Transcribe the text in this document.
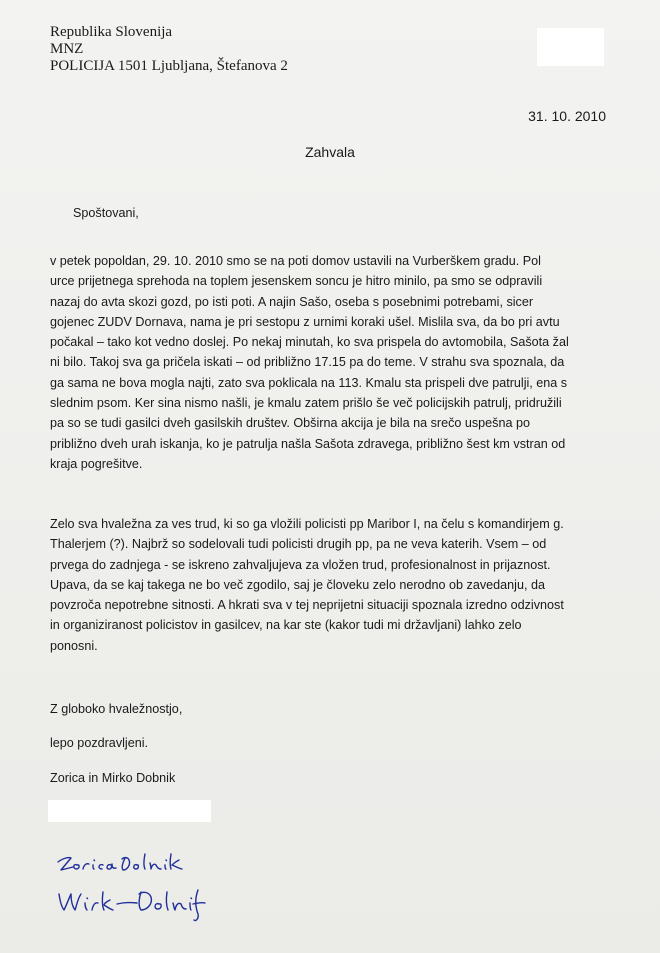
Republika Slovenija
MNZ
POLICIJA 1501 Ljubljana, Štefanova 2
31. 10. 2010
Zahvala
Spoštovani,
v petek popoldan, 29. 10. 2010 smo se na poti domov ustavili na Vurberškem gradu. Pol
urce prijetnega sprehoda na toplem jesenskem soncu je hitro minilo, pa smo se odpravili
nazaj do avta skozi gozd, po isti poti. A najin Sašo, oseba s posebnimi potrebami, sicer
gojenec ZUDV Dornava, nama je pri sestopu z urnimi koraki ušel. Mislila sva, da bo pri avtu
počakal – tako kot vedno doslej. Po nekaj minutah, ko sva prispela do avtomobila, Sašota žal
ni bilo. Takoj sva ga pričela iskati – od približno 17.15 pa do teme. V strahu sva spoznala, da
ga sama ne bova mogla najti, zato sva poklicala na 113. Kmalu sta prispeli dve patrulji, ena s
slednim psom. Ker sina nismo našli, je kmalu zatem prišlo še več policijskih patrulj, pridružili
pa so se tudi gasilci dveh gasilskih društev. Obširna akcija je bila na srečo uspešna po
približno dveh urah iskanja, ko je patrulja našla Sašota zdravega, približno šest km vstran od
kraja pogrešitve.
Zelo sva hvaležna za ves trud, ki so ga vložili policisti pp Maribor I, na čelu s komandirjem g.
Thalerjem (?). Najbrž so sodelovali tudi policisti drugih pp, pa ne veva katerih. Vsem – od
prvega do zadnjega - se iskreno zahvaljujeva za vložen trud, profesionalnost in prijaznost.
Upava, da se kaj takega ne bo več zgodilo, saj je človeku zelo nerodno ob zavedanju, da
povzroča nepotrebne sitnosti. A hkrati sva v tej neprijetni situaciji spoznala izredno odzivnost
in organiziranost policistov in gasilcev, na kar ste (kakor tudi mi državljani) lahko zelo
ponosni.
Z globoko hvaležnostjo,
lepo pozdravljeni.
Zorica in Mirko Dobnik
